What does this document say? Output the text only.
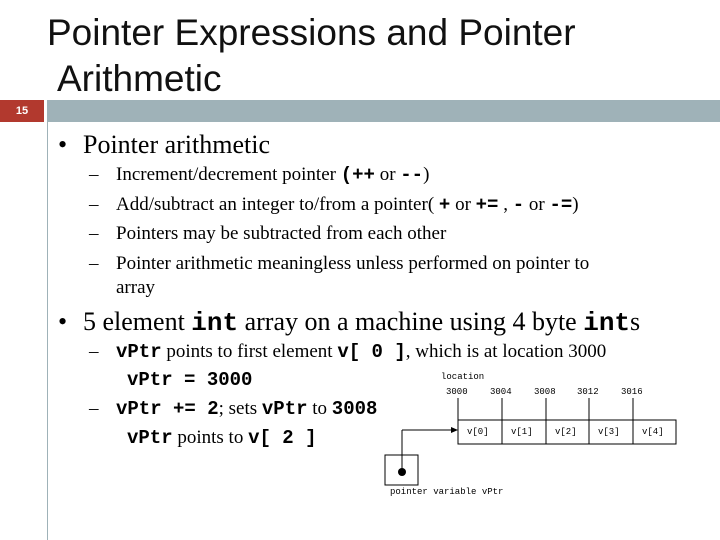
Pointer Expressions and Pointer
Arithmetic
15
• Pointer arithmetic
– Increment/decrement pointer (++ or --)
– Add/subtract an integer to/from a pointer( + or += , - or -=)
– Pointers may be subtracted from each other
– Pointer arithmetic meaningless unless performed on pointer to
array
• 5 element int array on a machine using 4 byte ints
– vPtr points to first element v[ 0 ], which is at location 3000
vPtr = 3000
– vPtr += 2; sets vPtr to 3008
vPtr points to v[ 2 ]
location
3000 3004 3008 3012 3016
v[0] v[1] v[2] v[3] v[4]
pointer variable vPtr
